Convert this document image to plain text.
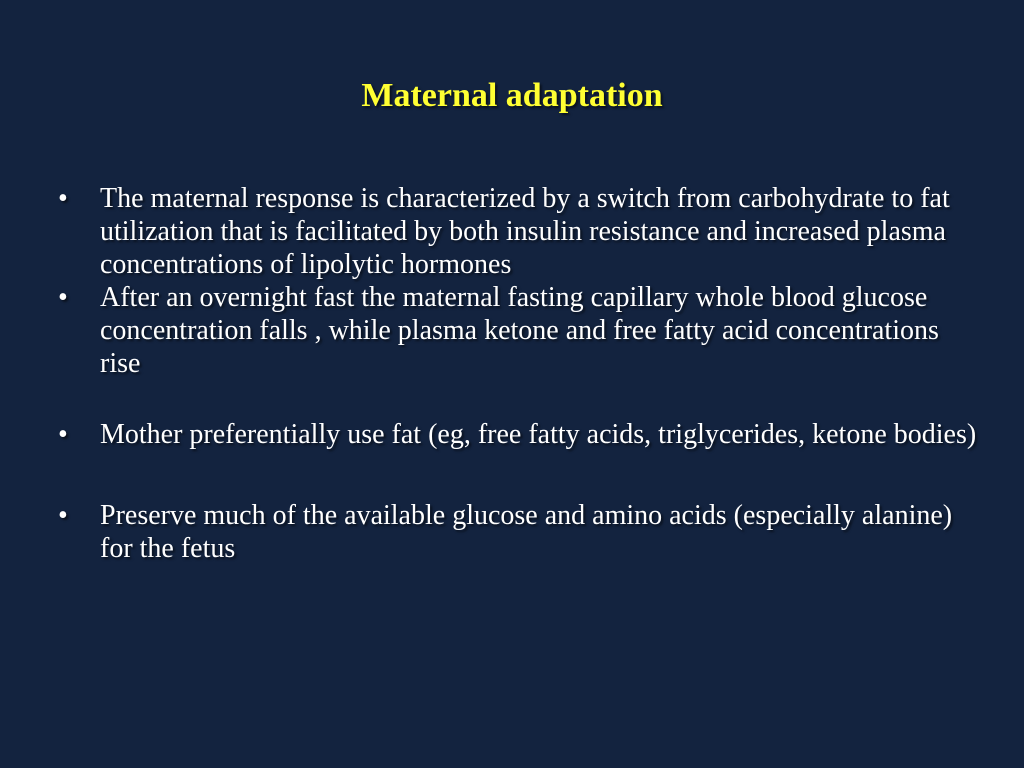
Maternal adaptation
• The maternal response is characterized by a switch from carbohydrate to fat utilization that is facilitated by both insulin resistance and increased plasma concentrations of lipolytic hormones
• After an overnight fast the maternal fasting capillary whole blood glucose concentration falls , while plasma ketone and free fatty acid concentrations rise
• Mother preferentially use fat (eg, free fatty acids, triglycerides, ketone bodies)
• Preserve much of the available glucose and amino acids (especially alanine) for the fetus
